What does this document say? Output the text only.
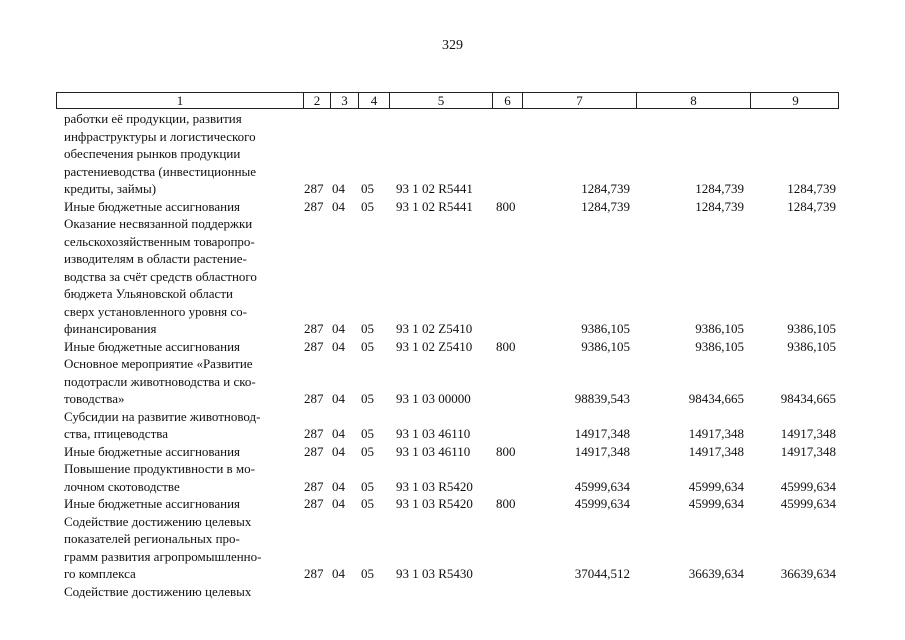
329
1	2	3	4	5	6	7	8	9
работки её продукции, развития
инфраструктуры и логистического
обеспечения рынков продукции
растениеводства (инвестиционные
кредиты, займы)	287 04 05 93 1 02 R5441	1284,739	1284,739	1284,739
Иные бюджетные ассигнования	287 04 05 93 1 02 R5441 800	1284,739	1284,739	1284,739
Оказание несвязанной поддержки
сельскохозяйственным товаропро-
изводителям в области растение-
водства за счёт средств областного
бюджета Ульяновской области
сверх установленного уровня со-
финансирования	287 04 05 93 1 02 Z5410	9386,105	9386,105	9386,105
Иные бюджетные ассигнования	287 04 05 93 1 02 Z5410 800	9386,105	9386,105	9386,105
Основное мероприятие «Развитие
подотрасли животноводства и ско-
товодства»	287 04 05 93 1 03 00000	98839,543	98434,665	98434,665
Субсидии на развитие животновод-
ства, птицеводства	287 04 05 93 1 03 46110	14917,348	14917,348	14917,348
Иные бюджетные ассигнования	287 04 05 93 1 03 46110 800	14917,348	14917,348	14917,348
Повышение продуктивности в мо-
лочном скотоводстве	287 04 05 93 1 03 R5420	45999,634	45999,634	45999,634
Иные бюджетные ассигнования	287 04 05 93 1 03 R5420 800	45999,634	45999,634	45999,634
Содействие достижению целевых
показателей региональных про-
грамм развития агропромышленно-
го комплекса	287 04 05 93 1 03 R5430	37044,512	36639,634	36639,634
Содействие достижению целевых
